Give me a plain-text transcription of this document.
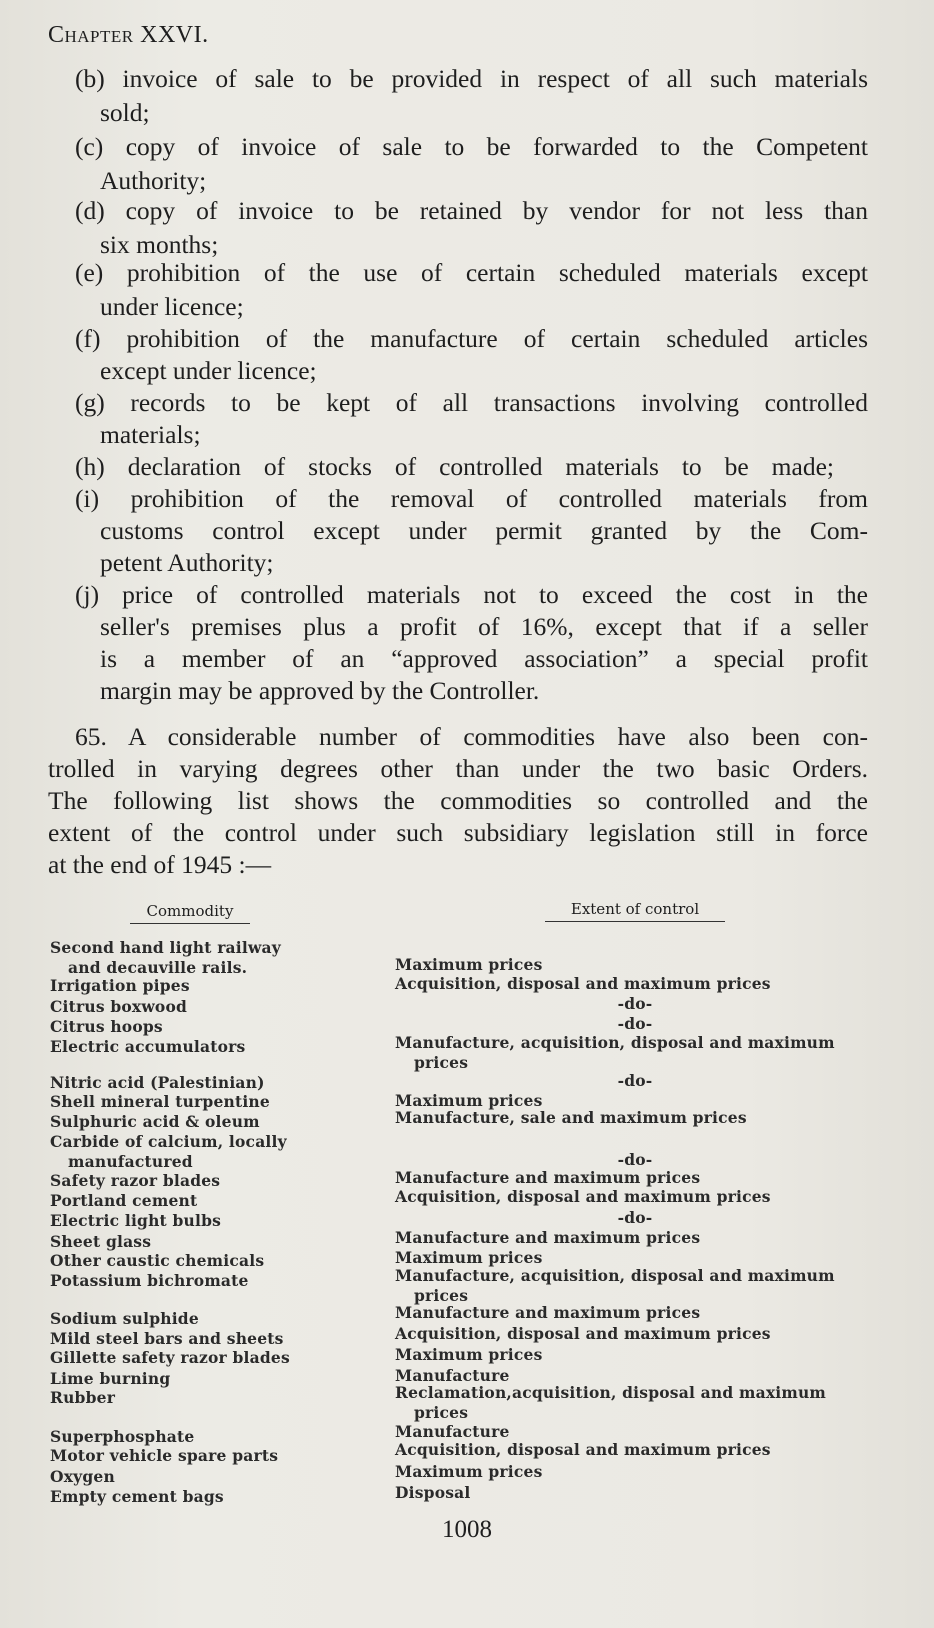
Chapter XXVI.
(b) invoice of sale to be provided in respect of all such materials
sold;
(c) copy of invoice of sale to be forwarded to the Competent
Authority;
(d) copy of invoice to be retained by vendor for not less than
six months;
(e) prohibition of the use of certain scheduled materials except
under licence;
(f) prohibition of the manufacture of certain scheduled articles
except under licence;
(g) records to be kept of all transactions involving controlled
materials;
(h) declaration of stocks of controlled materials to be made;
(i) prohibition of the removal of controlled materials from
customs control except under permit granted by the Com-
petent Authority;
(j) price of controlled materials not to exceed the cost in the
seller's premises plus a profit of 16%, except that if a seller
is a member of an “approved association” a special profit
margin may be approved by the Controller.
65. A considerable number of commodities have also been con-
trolled in varying degrees other than under the two basic Orders.
The following list shows the commodities so controlled and the
extent of the control under such subsidiary legislation still in force
at the end of 1945 :—
Commodity	Extent of control
Second hand light railway
and decauville rails.	Maximum prices
Irrigation pipes	Acquisition, disposal and maximum prices
Citrus boxwood	-do-
Citrus hoops	-do-
Electric accumulators	Manufacture, acquisition, disposal and maximum
prices
Nitric acid (Palestinian)	-do-
Shell mineral turpentine	Maximum prices
Sulphuric acid & oleum	Manufacture, sale and maximum prices
Carbide of calcium, locally
manufactured	-do-
Safety razor blades	Manufacture and maximum prices
Portland cement	Acquisition, disposal and maximum prices
Electric light bulbs	-do-
Sheet glass	Manufacture and maximum prices
Other caustic chemicals	Maximum prices
Potassium bichromate	Manufacture, acquisition, disposal and maximum
prices
Sodium sulphide	Manufacture and maximum prices
Mild steel bars and sheets	Acquisition, disposal and maximum prices
Gillette safety razor blades	Maximum prices
Lime burning	Manufacture
Rubber	Reclamation,acquisition, disposal and maximum
prices
Superphosphate	Manufacture
Motor vehicle spare parts	Acquisition, disposal and maximum prices
Oxygen	Maximum prices
Empty cement bags	Disposal
1008
